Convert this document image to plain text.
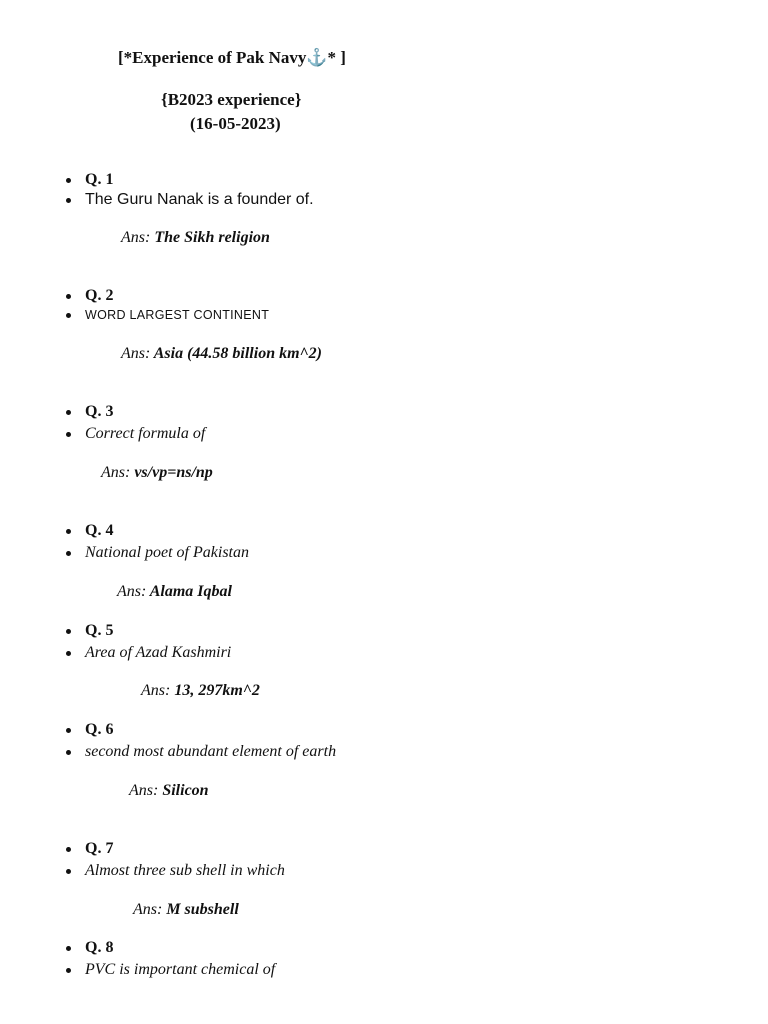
[*Experience of Pak Navy⚓* ]
{B2023 experience}
(16-05-2023)
Q. 1
The Guru Nanak is a founder of.
Ans: The Sikh religion
Q. 2
WORD LARGEST CONTINENT
Ans: Asia (44.58 billion km^2)
Q. 3
Correct formula of
Ans: vs/vp=ns/np
Q. 4
National poet of Pakistan
Ans: Alama Iqbal
Q. 5
Area of Azad Kashmiri
Ans: 13, 297km^2
Q. 6
second most abundant element of earth
Ans: Silicon
Q. 7
Almost three sub shell in which
Ans: M subshell
Q. 8
PVC is important chemical of
